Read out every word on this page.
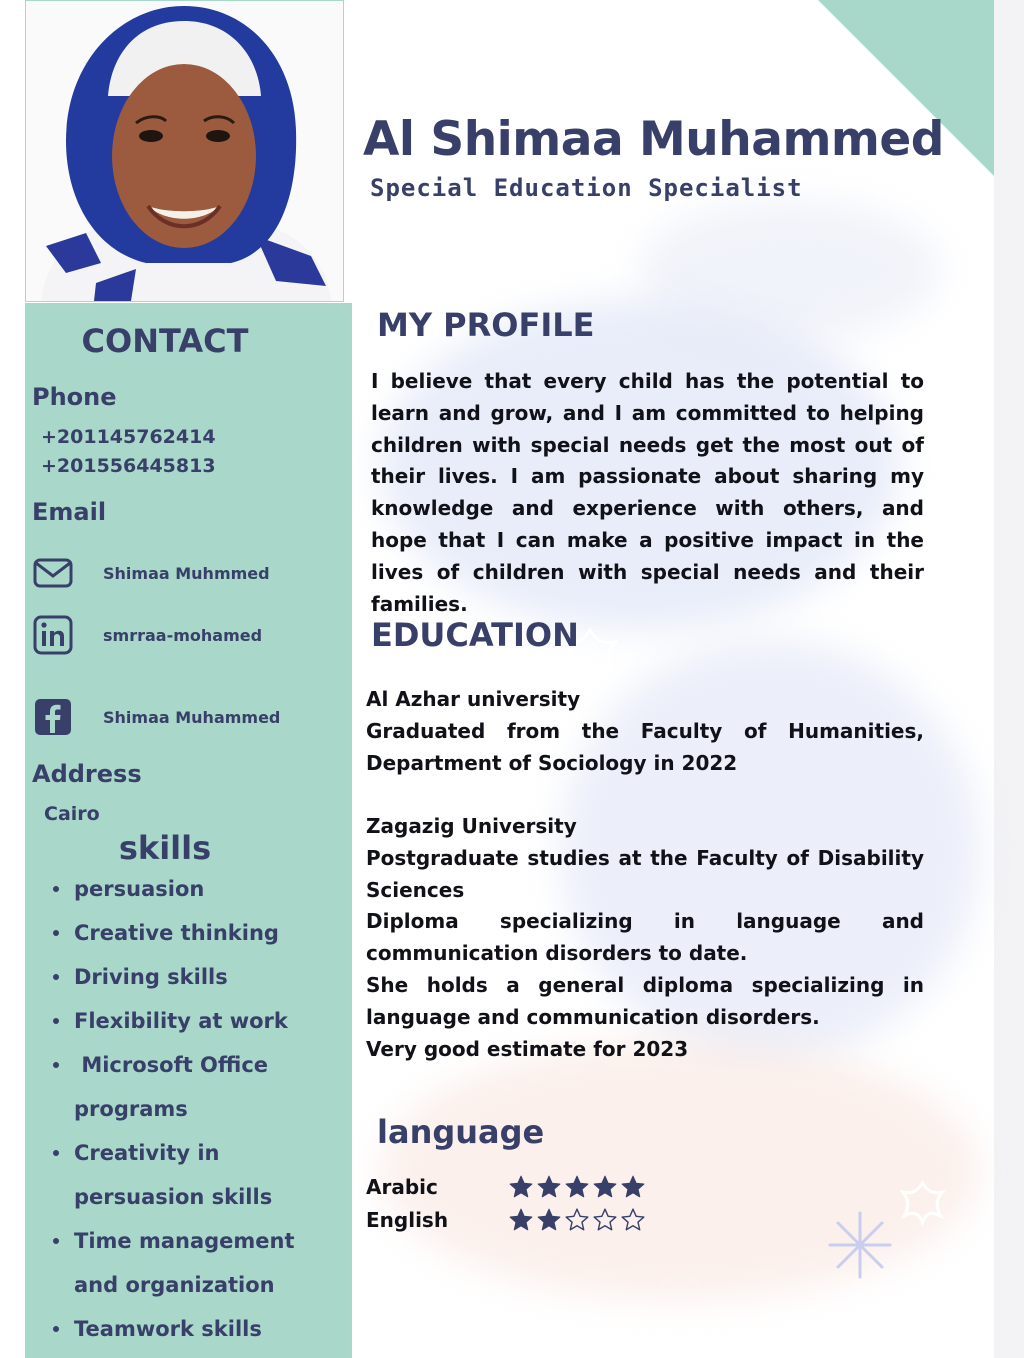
CONTACT

Phone

+201145762414

+201556445813

Email

Shimaa Muhmmed
smrraa-mohamed
Shimaa Muhammed

Address

Cairo

skills
persuasion
Creative thinking
Driving skills
Flexibility at work
Microsoft Office programs
Creativity in persuasion skills
Time management and organization
Teamwork skills
Al Shimaa Muhammed

Special Education Specialist

MY PROFILE

I believe that every child has the potential to learn and grow, and I am committed to helping children with special needs get the most out of their lives. I am passionate about sharing my knowledge and experience with others, and hope that I can make a positive impact in the lives of children with special needs and their families.

EDUCATION
Al Azhar university
Graduated from the Faculty of Humanities, Department of Sociology in 2022
Zagazig University
Postgraduate studies at the Faculty of Disability Sciences
Diploma specializing in language and communication disorders to date.
She holds a general diploma specializing in language and communication disorders.
Very good estimate for 2023
language
Arabic
English
